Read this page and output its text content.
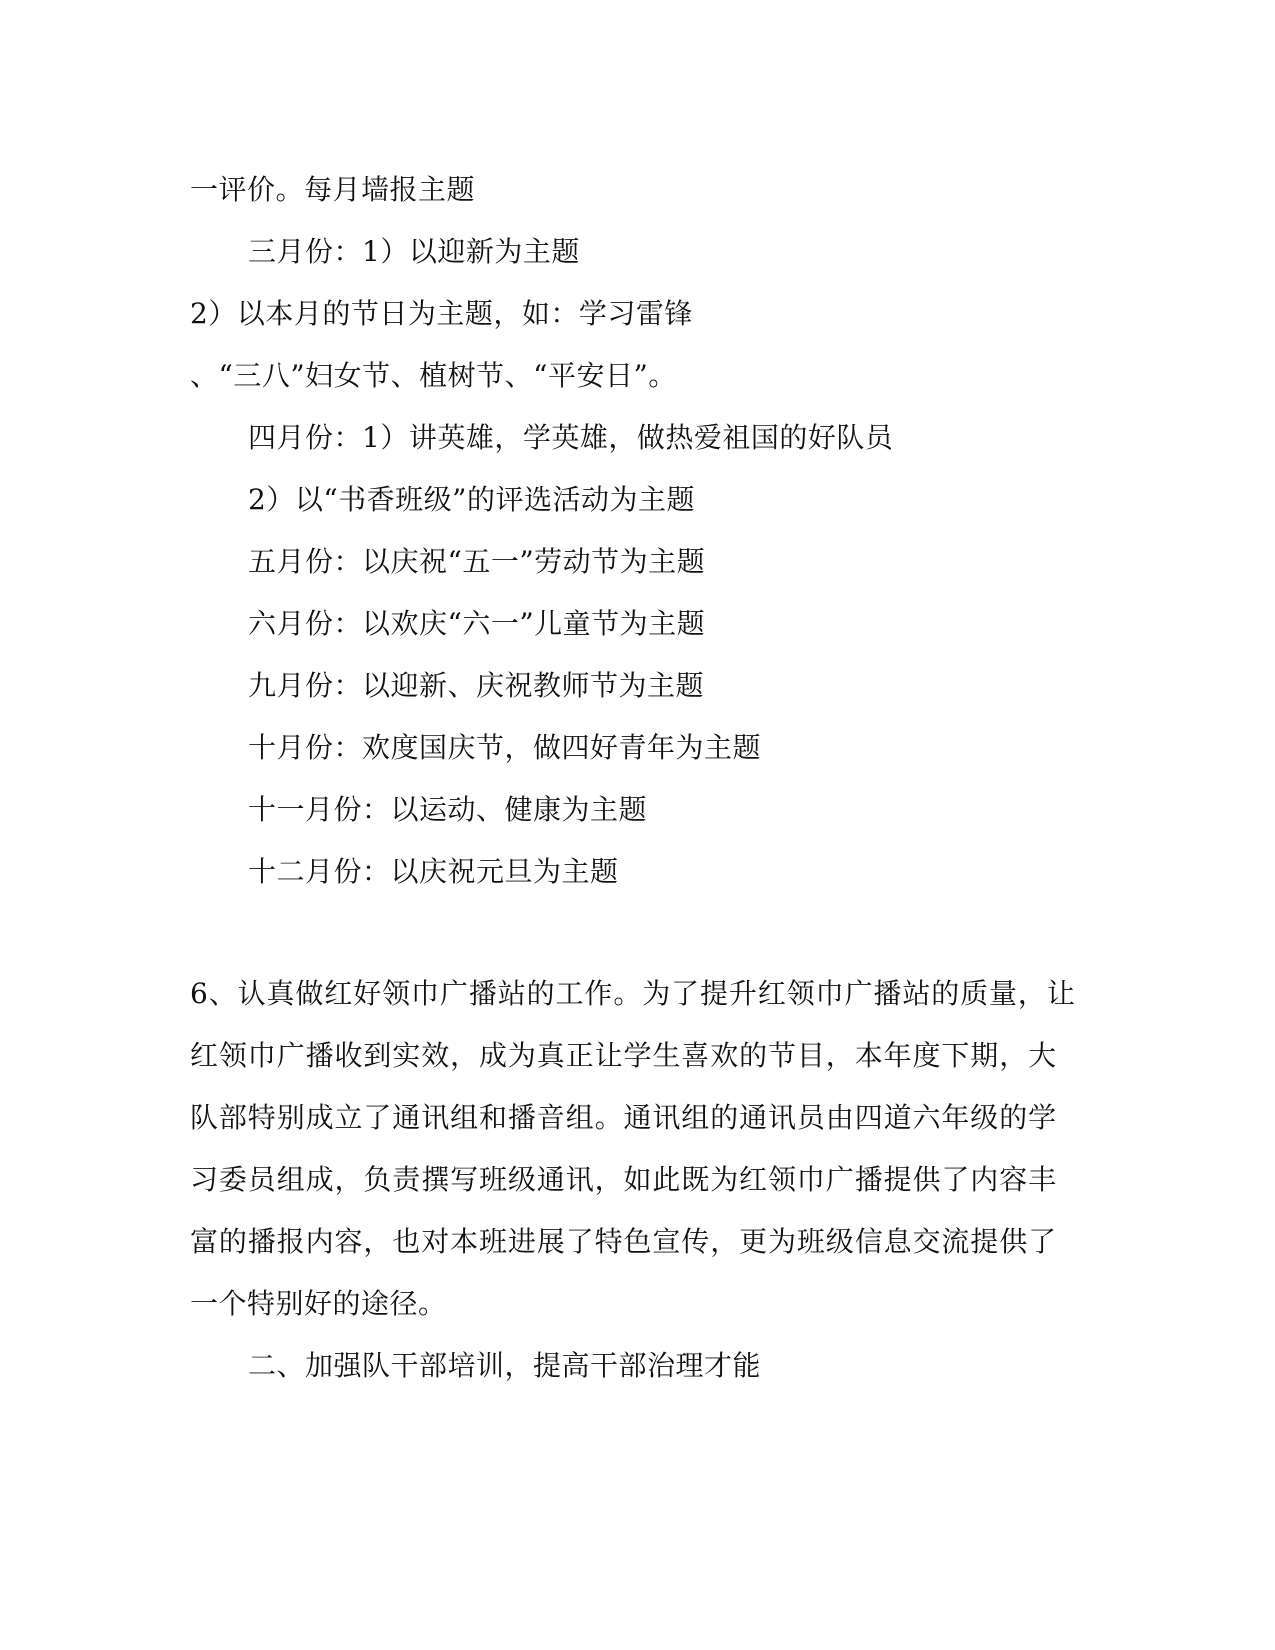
一评价。每月墙报主题
三月份：1）以迎新为主题
2）以本月的节日为主题，如：学习雷锋
、“三八”妇女节、植树节、“平安日”。
四月份：1）讲英雄，学英雄，做热爱祖国的好队员
2）以“书香班级”的评选活动为主题
五月份：以庆祝“五一”劳动节为主题
六月份：以欢庆“六一”儿童节为主题
九月份：以迎新、庆祝教师节为主题
十月份：欢度国庆节，做四好青年为主题
十一月份：以运动、健康为主题
十二月份：以庆祝元旦为主题
6、认真做红好领巾广播站的工作。为了提升红领巾广播站的质量，让
红领巾广播收到实效，成为真正让学生喜欢的节目，本年度下期，大
队部特别成立了通讯组和播音组。通讯组的通讯员由四道六年级的学
习委员组成，负责撰写班级通讯，如此既为红领巾广播提供了内容丰
富的播报内容，也对本班进展了特色宣传，更为班级信息交流提供了
一个特别好的途径。
二、加强队干部培训，提高干部治理才能
